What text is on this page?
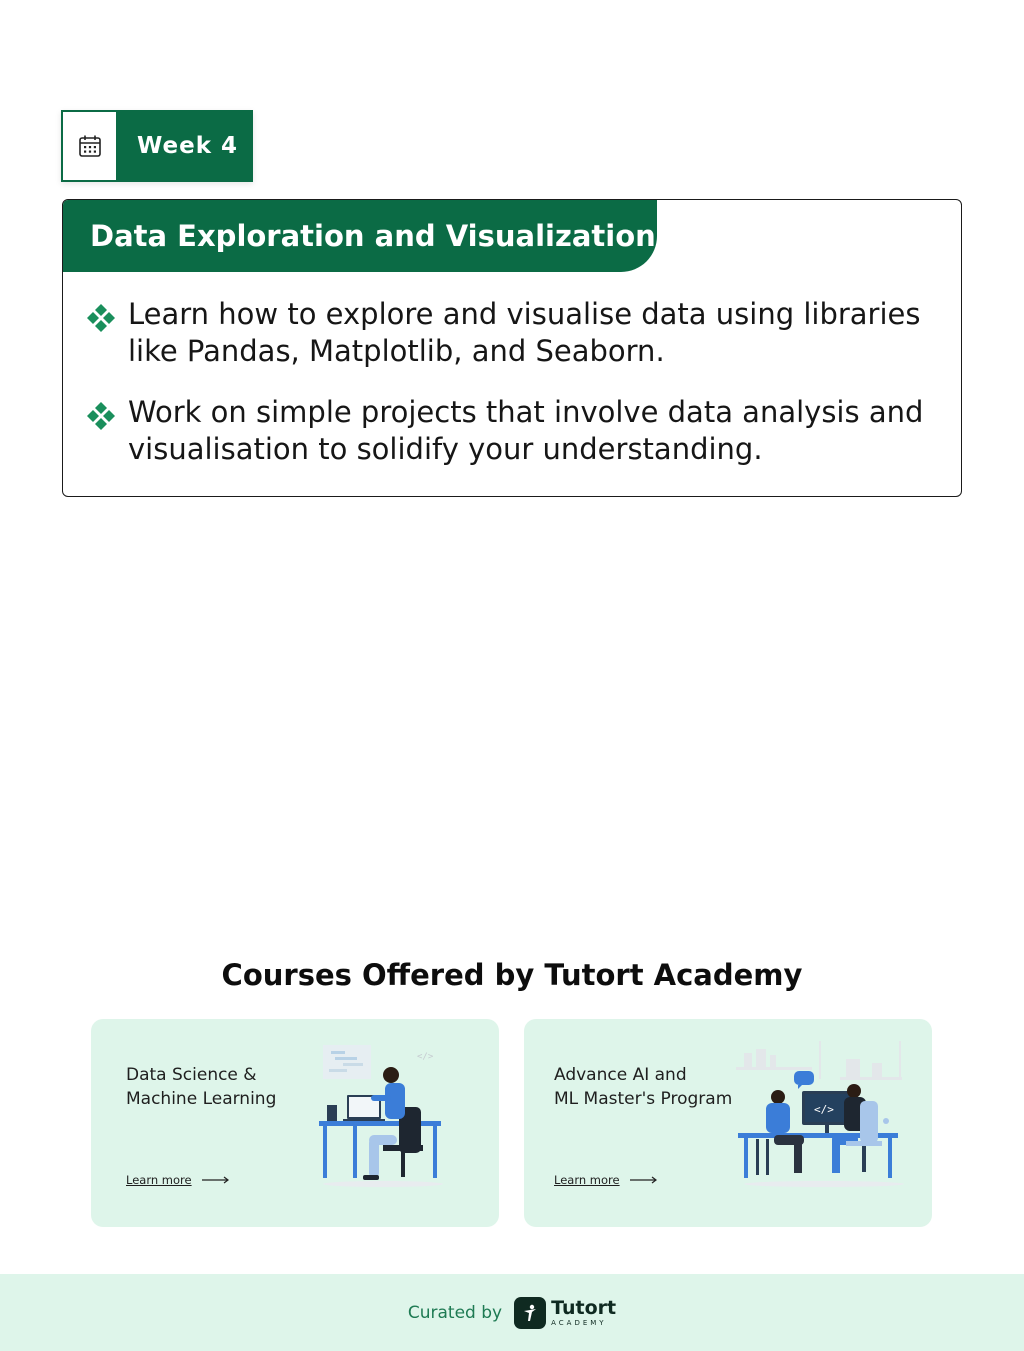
Week 4
Data Exploration and Visualization
Learn how to explore and visualise data using libraries like Pandas, Matplotlib, and Seaborn.
Work on simple projects that involve data analysis and visualisation to solidify your understanding.
Courses Offered by Tutort Academy
Data Science &
Machine Learning
Learn more
</>
Advance AI and
ML Master's Program
Learn more
</>
Curated by	Tutort
ACADEMY
